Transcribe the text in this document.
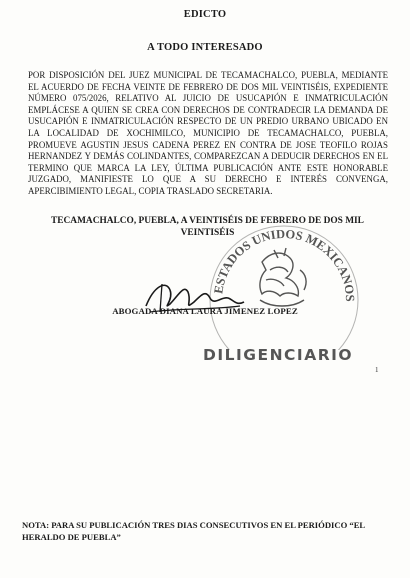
EDICTO
A TODO INTERESADO
POR DISPOSICIÓN DEL JUEZ MUNICIPAL DE TECAMACHALCO, PUEBLA, MEDIANTE EL ACUERDO DE FECHA VEINTE DE FEBRERO DE DOS MIL VEINTISÉIS, EXPEDIENTE NÚMERO 075/2026, RELATIVO AL JUICIO DE USUCAPIÓN E INMATRICULACIÓN EMPLÁCESE A QUIEN SE CREA CON DERECHOS DE CONTRADECIR LA DEMANDA DE USUCAPIÓN E INMATRICULACIÓN RESPECTO DE UN PREDIO URBANO UBICADO EN LA LOCALIDAD DE XOCHIMILCO, MUNICIPIO DE TECAMACHALCO, PUEBLA, PROMUEVE AGUSTIN JESUS CADENA PEREZ EN CONTRA DE JOSE TEOFILO ROJAS HERNANDEZ Y DEMÁS COLINDANTES, COMPAREZCAN A DEDUCIR DERECHOS EN EL TERMINO QUE MARCA LA LEY, ÚLTIMA PUBLICACIÓN ANTE ESTE HONORABLE JUZGADO, MANIFIESTE LO QUE A SU DERECHO E INTERÉS CONVENGA, APERCIBIMIENTO LEGAL, COPIA TRASLADO SECRETARIA.
ESTADOS UNIDOS MEXICANOS
TECAMACHALCO, PUEBLA, A VEINTISÉIS DE FEBRERO DE DOS MIL VEINTISÉIS
ABOGADA DIANA LAURA JIMENEZ LOPEZ
DILIGENCIARIO
1
NOTA: PARA SU PUBLICACIÓN TRES DIAS CONSECUTIVOS EN EL PERIÓDICO “EL HERALDO DE PUEBLA”
